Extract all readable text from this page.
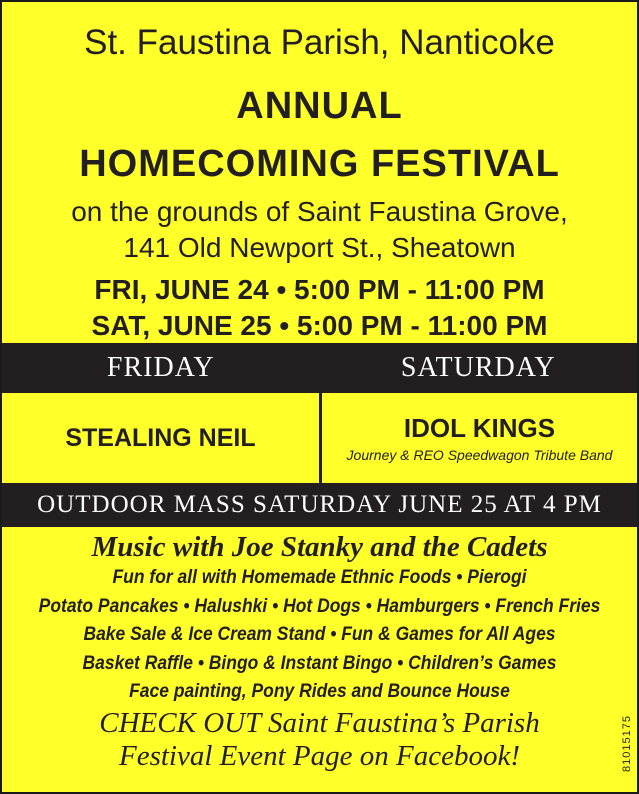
St. Faustina Parish, Nanticoke
ANNUAL
HOMECOMING FESTIVAL
on the grounds of Saint Faustina Grove,
141 Old Newport St., Sheatown
FRI, JUNE 24 • 5:00 PM - 11:00 PM
SAT, JUNE 25 • 5:00 PM - 11:00 PM
FRIDAY	SATURDAY
STEALING NEIL	IDOL KINGS
Journey & REO Speedwagon Tribute Band
OUTDOOR MASS SATURDAY JUNE 25 AT 4 PM
Music with Joe Stanky and the Cadets
Fun for all with Homemade Ethnic Foods • Pierogi
Potato Pancakes • Halushki • Hot Dogs • Hamburgers • French Fries
Bake Sale & Ice Cream Stand • Fun & Games for All Ages
Basket Raffle • Bingo & Instant Bingo • Children’s Games
Face painting, Pony Rides and Bounce House
CHECK OUT Saint Faustina’s Parish
Festival Event Page on Facebook!	81015175
